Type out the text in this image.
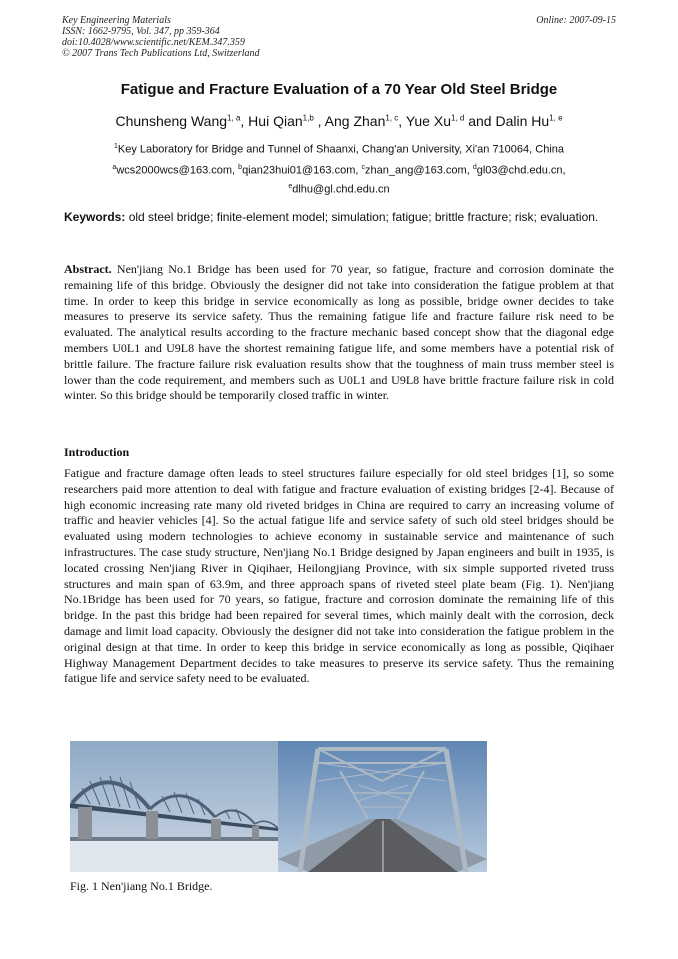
Key Engineering Materials
ISSN: 1662-9795, Vol. 347, pp 359-364
doi:10.4028/www.scientific.net/KEM.347.359
© 2007 Trans Tech Publications Ltd, Switzerland
Online: 2007-09-15
Fatigue and Fracture Evaluation of a 70 Year Old Steel Bridge
Chunsheng Wang$^{1, a}$, Hui Qian$^{1,b}$ , Ang Zhan$^{1, c}$, Yue Xu$^{1, d}$ and Dalin Hu$^{1, e}$
$^1$Key Laboratory for Bridge and Tunnel of Shaanxi, Chang'an University, Xi'an 710064, China
$^a$wcs2000wcs@163.com, $^b$qian23hui01@163.com, $^c$zhan_ang@163.com, $^d$gl03@chd.edu.cn,
$^e$dlhu@gl.chd.edu.cn
Keywords: old steel bridge; finite-element model; simulation; fatigue; brittle fracture; risk; evaluation.
Abstract. Nen'jiang No.1 Bridge has been used for 70 year, so fatigue, fracture and corrosion dominate the remaining life of this bridge. Obviously the designer did not take into consideration the fatigue problem at that time. In order to keep this bridge in service economically as long as possible, bridge owner decides to take measures to preserve its service safety. Thus the remaining fatigue life and fracture failure risk need to be evaluated. The analytical results according to the fracture mechanic based concept show that the diagonal edge members U0L1 and U9L8 have the shortest remaining fatigue life, and some members have a potential risk of brittle failure. The fracture failure risk evaluation results show that the toughness of main truss member steel is lower than the code requirement, and members such as U0L1 and U9L8 have brittle fracture failure risk in cold winter. So this bridge should be temporarily closed traffic in winter.
Introduction
Fatigue and fracture damage often leads to steel structures failure especially for old steel bridges [1], so some researchers paid more attention to deal with fatigue and fracture evaluation of existing bridges [2-4]. Because of high economic increasing rate many old riveted bridges in China are required to carry an increasing volume of traffic and heavier vehicles [4]. So the actual fatigue life and service safety of such old steel bridges should be evaluated using modern technologies to achieve economy in sustainable service and maintenance of such infrastructures. The case study structure, Nen'jiang No.1 Bridge designed by Japan engineers and built in 1935, is located crossing Nen'jiang River in Qiqihaer, Heilongjiang Province, with six simple supported riveted truss structures and main span of 63.9m, and three approach spans of riveted steel plate beam (Fig. 1). Nen'jiang No.1Bridge has been used for 70 years, so fatigue, fracture and corrosion dominate the remaining life of this bridge. In the past this bridge had been repaired for several times, which mainly dealt with the corrosion, deck damage and limit load capacity. Obviously the designer did not take into consideration the fatigue problem in the original design at that time. In order to keep this bridge in service economically as long as possible, Qiqihaer Highway Management Department decides to take measures to preserve its service safety. Thus the remaining fatigue life and service safety need to be evaluated.
Fig. 1 Nen'jiang No.1 Bridge.
